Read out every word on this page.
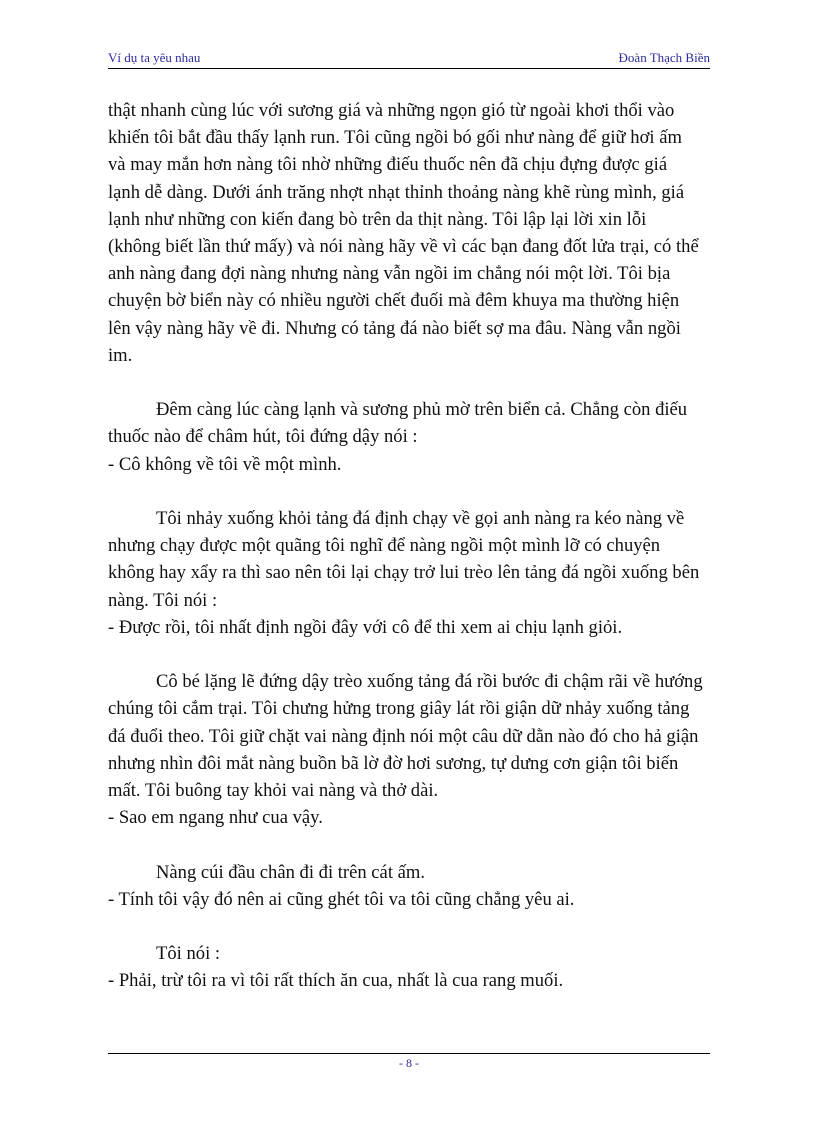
Ví dụ ta yêu nhau	Đoàn Thạch Biền

thật nhanh cùng lúc với sương giá và những ngọn gió từ ngoài khơi thổi vào

khiến tôi bắt đầu thấy lạnh run. Tôi cũng ngồi bó gối như nàng để giữ hơi ấm

và may mắn hơn nàng tôi nhờ những điếu thuốc nên đã chịu đựng được giá

lạnh dễ dàng. Dưới ánh trăng nhợt nhạt thỉnh thoảng nàng khẽ rùng mình, giá

lạnh như những con kiến đang bò trên da thịt nàng. Tôi lập lại lời xin lỗi

(không biết lần thứ mấy) và nói nàng hãy về vì các bạn đang đốt lửa trại, có thể

anh nàng đang đợi nàng nhưng nàng vẫn ngồi im chẳng nói một lời. Tôi bịa

chuyện bờ biển này có nhiều người chết đuối mà đêm khuya ma thường hiện

lên vậy nàng hãy về đi. Nhưng có tảng đá nào biết sợ ma đâu. Nàng vẫn ngồi

im.

Đêm càng lúc càng lạnh và sương phủ mờ trên biển cả. Chẳng còn điếu

thuốc nào để châm hút, tôi đứng dậy nói :

- Cô không về tôi về một mình.

Tôi nhảy xuống khỏi tảng đá định chạy về gọi anh nàng ra kéo nàng về

nhưng chạy được một quãng tôi nghĩ để nàng ngồi một mình lỡ có chuyện

không hay xẩy ra thì sao nên tôi lại chạy trở lui trèo lên tảng đá ngồi xuống bên

nàng. Tôi nói :

- Được rồi, tôi nhất định ngồi đây với cô để thi xem ai chịu lạnh giỏi.

Cô bé lặng lẽ đứng dậy trèo xuống tảng đá rồi bước đi chậm rãi về hướng

chúng tôi cắm trại. Tôi chưng hửng trong giây lát rồi giận dữ nhảy xuống tảng

đá đuổi theo. Tôi giữ chặt vai nàng định nói một câu dữ dằn nào đó cho hả giận

nhưng nhìn đôi mắt nàng buồn bã lờ đờ hơi sương, tự dưng cơn giận tôi biến

mất. Tôi buông tay khỏi vai nàng và thở dài.

- Sao em ngang như cua vậy.

Nàng cúi đầu chân đi đi trên cát ấm.

- Tính tôi vậy đó nên ai cũng ghét tôi va tôi cũng chẳng yêu ai.

Tôi nói :

- Phải, trừ tôi ra vì tôi rất thích ăn cua, nhất là cua rang muối.

- 8 -
